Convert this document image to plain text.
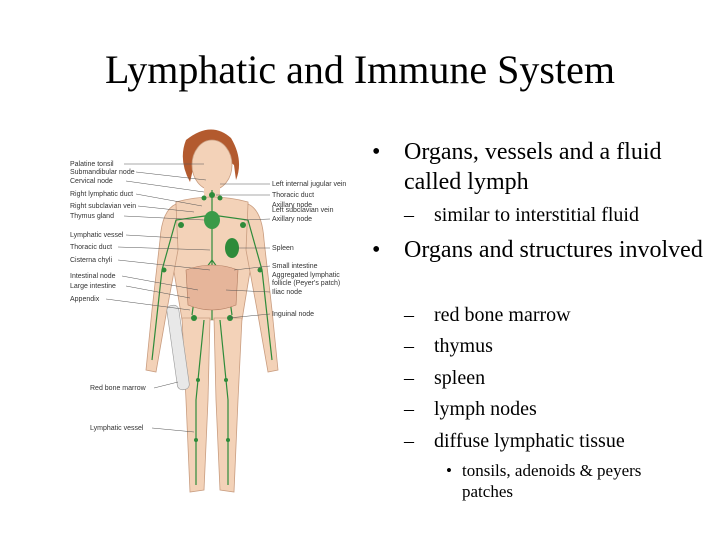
Lymphatic and Immune System
Palatine tonsil
Submandibular node
Cervical node
Right lymphatic duct
Right subclavian vein
Thymus gland
Lymphatic vessel
Thoracic duct
Cisterna chyli
Intestinal node
Large intestine
Appendix
Red bone marrow
Lymphatic vessel
Left internal jugular vein
Thoracic duct
Axillary node
Left subclavian vein
Axillary node
Spleen
Small intestine
Aggregated lymphatic
follicle (Peyer's patch)
Iliac node
Inguinal node
• Organs, vessels and a fluid called lymph
– similar to interstitial fluid
• Organs and structures involved
– red bone marrow
– thymus
– spleen
– lymph nodes
– diffuse lymphatic tissue
• tonsils, adenoids & peyers patches
